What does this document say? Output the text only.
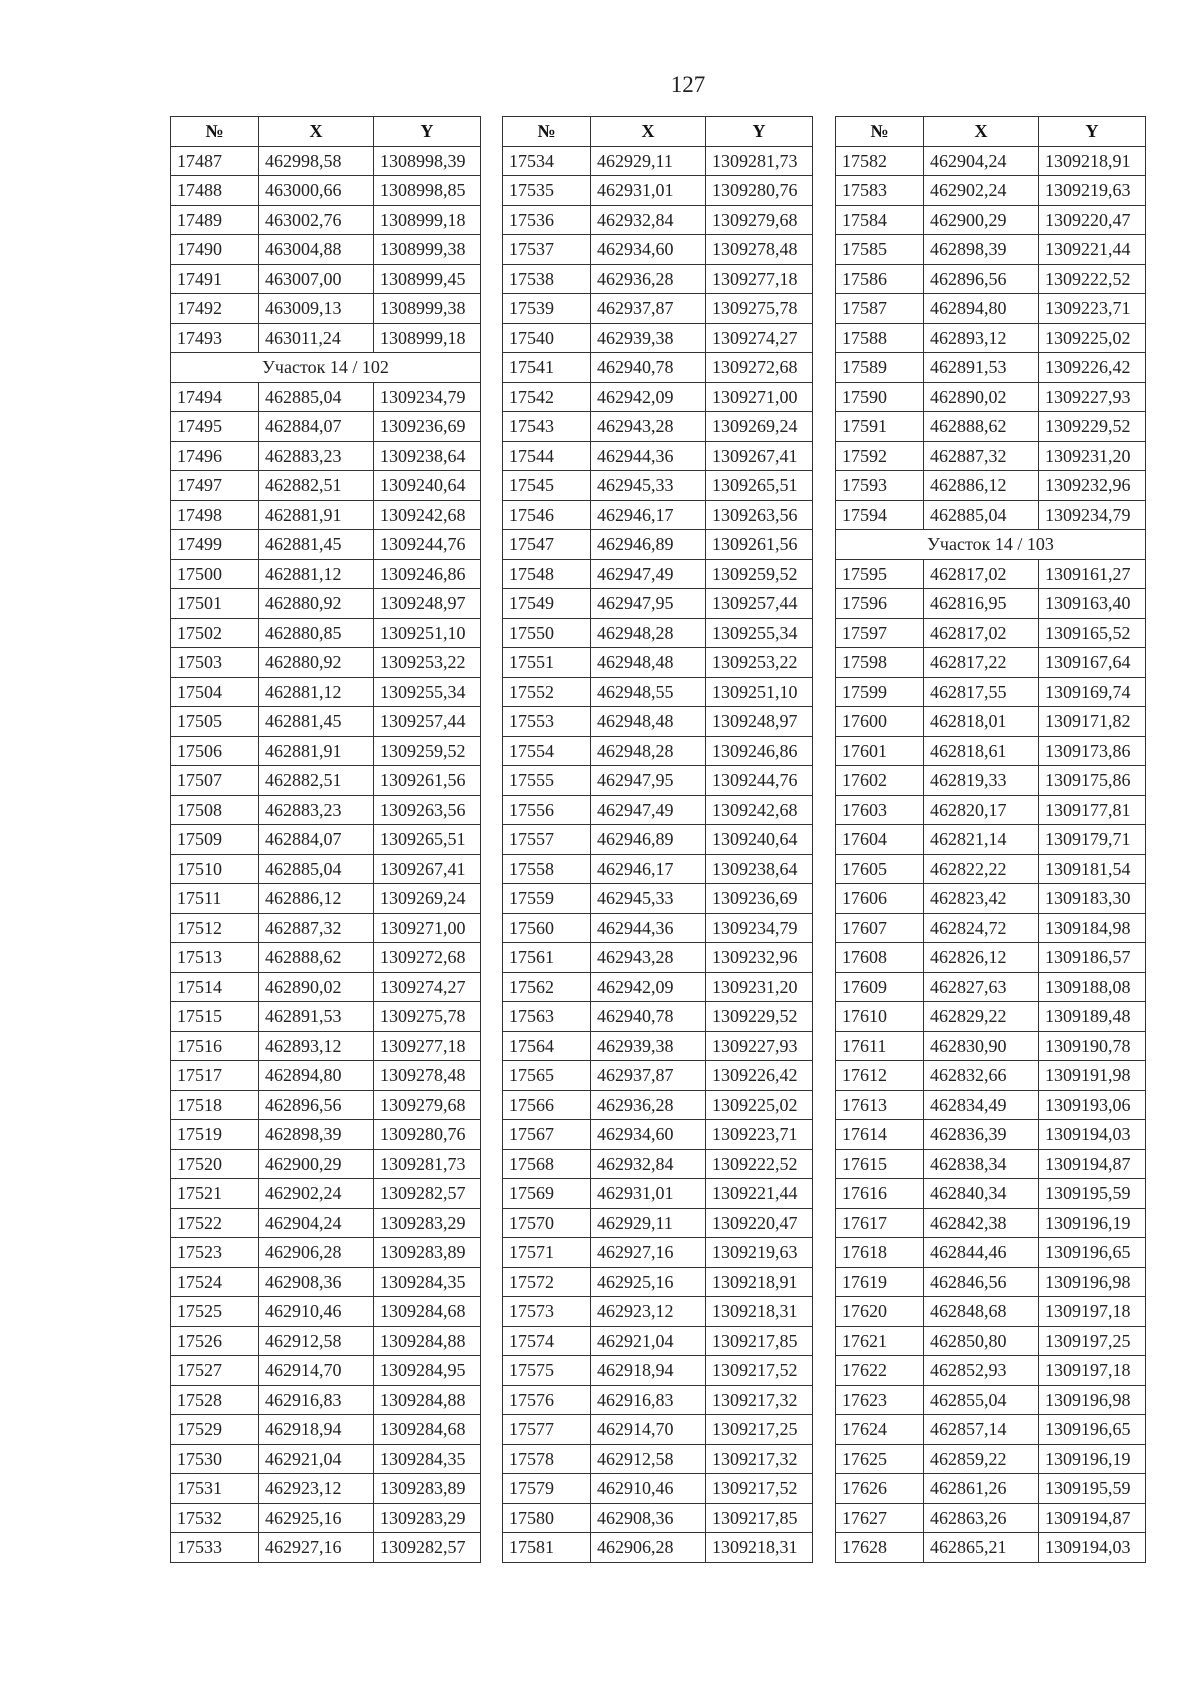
127
№	X	Y
17487	462998,58	1308998,39
17488	463000,66	1308998,85
17489	463002,76	1308999,18
17490	463004,88	1308999,38
17491	463007,00	1308999,45
17492	463009,13	1308999,38
17493	463011,24	1308999,18
Участок 14 / 102		
17494	462885,04	1309234,79
17495	462884,07	1309236,69
17496	462883,23	1309238,64
17497	462882,51	1309240,64
17498	462881,91	1309242,68
17499	462881,45	1309244,76
17500	462881,12	1309246,86
17501	462880,92	1309248,97
17502	462880,85	1309251,10
17503	462880,92	1309253,22
17504	462881,12	1309255,34
17505	462881,45	1309257,44
17506	462881,91	1309259,52
17507	462882,51	1309261,56
17508	462883,23	1309263,56
17509	462884,07	1309265,51
17510	462885,04	1309267,41
17511	462886,12	1309269,24
17512	462887,32	1309271,00
17513	462888,62	1309272,68
17514	462890,02	1309274,27
17515	462891,53	1309275,78
17516	462893,12	1309277,18
17517	462894,80	1309278,48
17518	462896,56	1309279,68
17519	462898,39	1309280,76
17520	462900,29	1309281,73
17521	462902,24	1309282,57
17522	462904,24	1309283,29
17523	462906,28	1309283,89
17524	462908,36	1309284,35
17525	462910,46	1309284,68
17526	462912,58	1309284,88
17527	462914,70	1309284,95
17528	462916,83	1309284,88
17529	462918,94	1309284,68
17530	462921,04	1309284,35
17531	462923,12	1309283,89
17532	462925,16	1309283,29
17533	462927,16	1309282,57
№	X	Y
17534	462929,11	1309281,73
17535	462931,01	1309280,76
17536	462932,84	1309279,68
17537	462934,60	1309278,48
17538	462936,28	1309277,18
17539	462937,87	1309275,78
17540	462939,38	1309274,27
17541	462940,78	1309272,68
17542	462942,09	1309271,00
17543	462943,28	1309269,24
17544	462944,36	1309267,41
17545	462945,33	1309265,51
17546	462946,17	1309263,56
17547	462946,89	1309261,56
17548	462947,49	1309259,52
17549	462947,95	1309257,44
17550	462948,28	1309255,34
17551	462948,48	1309253,22
17552	462948,55	1309251,10
17553	462948,48	1309248,97
17554	462948,28	1309246,86
17555	462947,95	1309244,76
17556	462947,49	1309242,68
17557	462946,89	1309240,64
17558	462946,17	1309238,64
17559	462945,33	1309236,69
17560	462944,36	1309234,79
17561	462943,28	1309232,96
17562	462942,09	1309231,20
17563	462940,78	1309229,52
17564	462939,38	1309227,93
17565	462937,87	1309226,42
17566	462936,28	1309225,02
17567	462934,60	1309223,71
17568	462932,84	1309222,52
17569	462931,01	1309221,44
17570	462929,11	1309220,47
17571	462927,16	1309219,63
17572	462925,16	1309218,91
17573	462923,12	1309218,31
17574	462921,04	1309217,85
17575	462918,94	1309217,52
17576	462916,83	1309217,32
17577	462914,70	1309217,25
17578	462912,58	1309217,32
17579	462910,46	1309217,52
17580	462908,36	1309217,85
17581	462906,28	1309218,31
№	X	Y
17582	462904,24	1309218,91
17583	462902,24	1309219,63
17584	462900,29	1309220,47
17585	462898,39	1309221,44
17586	462896,56	1309222,52
17587	462894,80	1309223,71
17588	462893,12	1309225,02
17589	462891,53	1309226,42
17590	462890,02	1309227,93
17591	462888,62	1309229,52
17592	462887,32	1309231,20
17593	462886,12	1309232,96
17594	462885,04	1309234,79
Участок 14 / 103		
17595	462817,02	1309161,27
17596	462816,95	1309163,40
17597	462817,02	1309165,52
17598	462817,22	1309167,64
17599	462817,55	1309169,74
17600	462818,01	1309171,82
17601	462818,61	1309173,86
17602	462819,33	1309175,86
17603	462820,17	1309177,81
17604	462821,14	1309179,71
17605	462822,22	1309181,54
17606	462823,42	1309183,30
17607	462824,72	1309184,98
17608	462826,12	1309186,57
17609	462827,63	1309188,08
17610	462829,22	1309189,48
17611	462830,90	1309190,78
17612	462832,66	1309191,98
17613	462834,49	1309193,06
17614	462836,39	1309194,03
17615	462838,34	1309194,87
17616	462840,34	1309195,59
17617	462842,38	1309196,19
17618	462844,46	1309196,65
17619	462846,56	1309196,98
17620	462848,68	1309197,18
17621	462850,80	1309197,25
17622	462852,93	1309197,18
17623	462855,04	1309196,98
17624	462857,14	1309196,65
17625	462859,22	1309196,19
17626	462861,26	1309195,59
17627	462863,26	1309194,87
17628	462865,21	1309194,03
